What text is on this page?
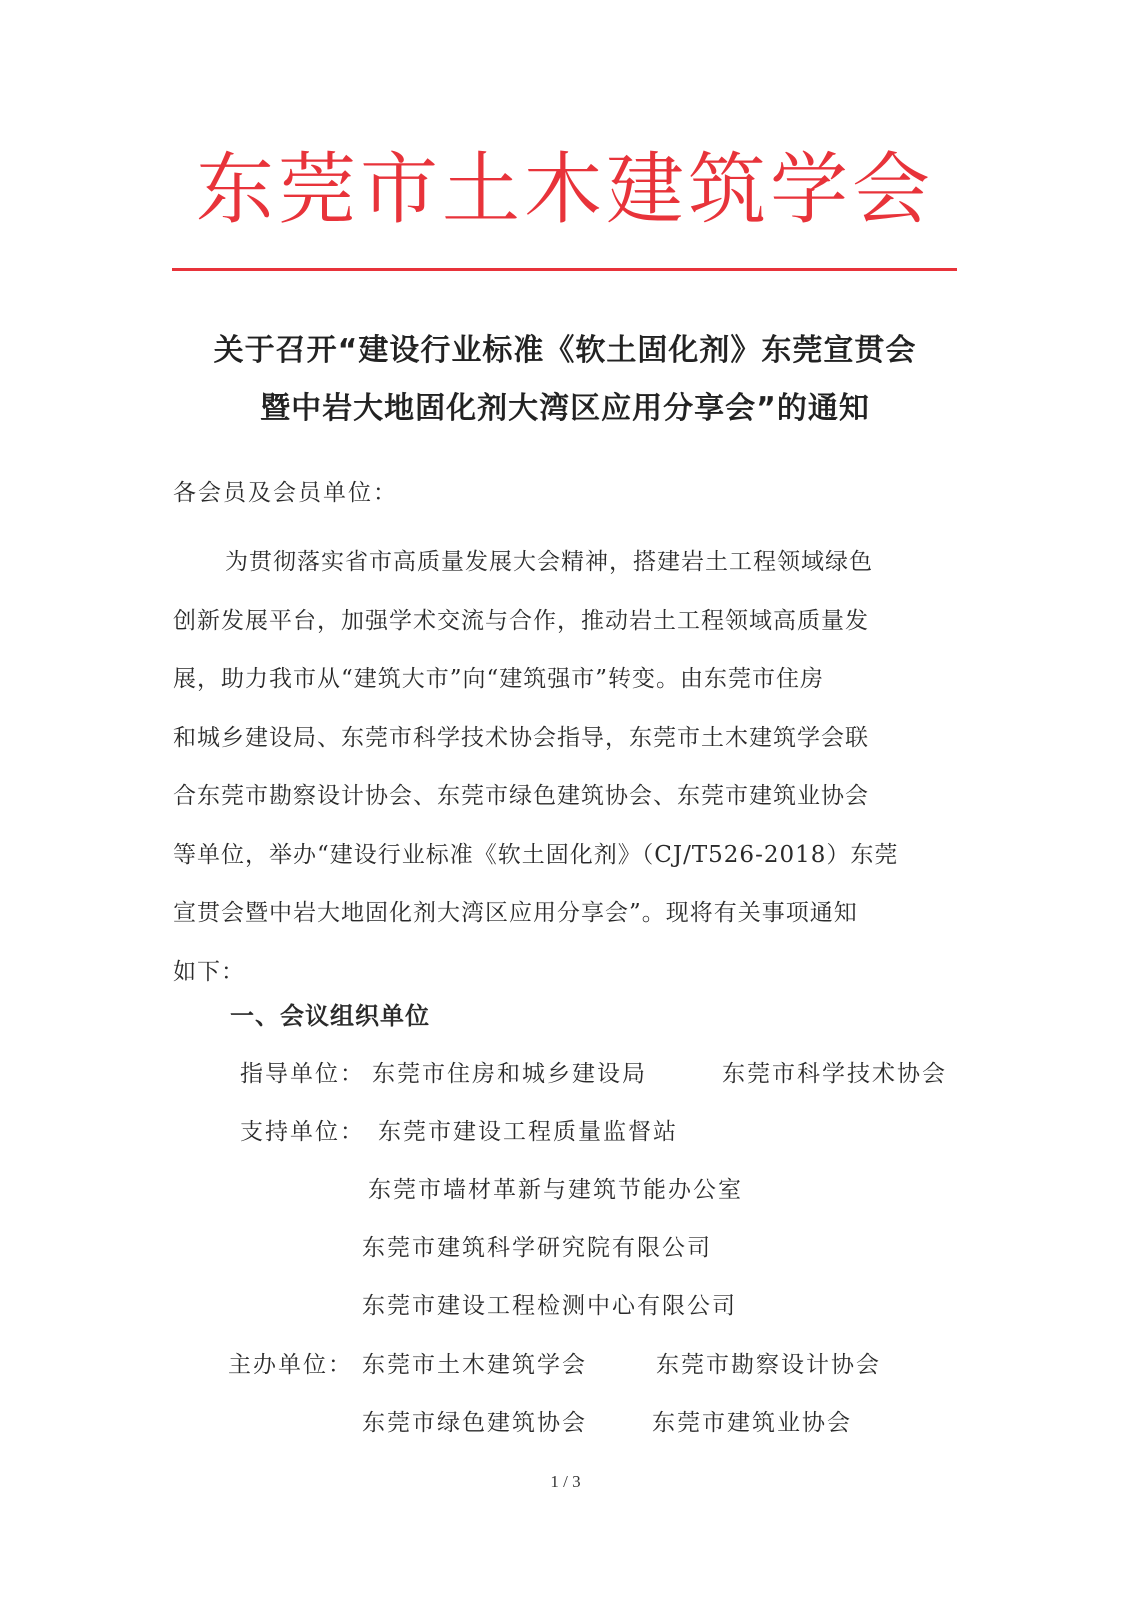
东莞市土木建筑学会
关于召开“建设行业标准《软土固化剂》东莞宣贯会
暨中岩大地固化剂大湾区应用分享会”的通知
各会员及会员单位：
为贯彻落实省市高质量发展大会精神，搭建岩土工程领域绿色
创新发展平台，加强学术交流与合作，推动岩土工程领域高质量发
展，助力我市从“建筑大市”向“建筑强市”转变。由东莞市住房
和城乡建设局、东莞市科学技术协会指导，东莞市土木建筑学会联
合东莞市勘察设计协会、东莞市绿色建筑协会、东莞市建筑业协会
等单位，举办“建设行业标准《软土固化剂》（CJ/T526-2018）东莞
宣贯会暨中岩大地固化剂大湾区应用分享会”。现将有关事项通知
如下：
一、会议组织单位
指导单位： 东莞市住房和城乡建设局	东莞市科学技术协会
支持单位： 东莞市建设工程质量监督站
东莞市墙材革新与建筑节能办公室
东莞市建筑科学研究院有限公司
东莞市建设工程检测中心有限公司
主办单位： 东莞市土木建筑学会	东莞市勘察设计协会
东莞市绿色建筑协会	东莞市建筑业协会
1 / 3
